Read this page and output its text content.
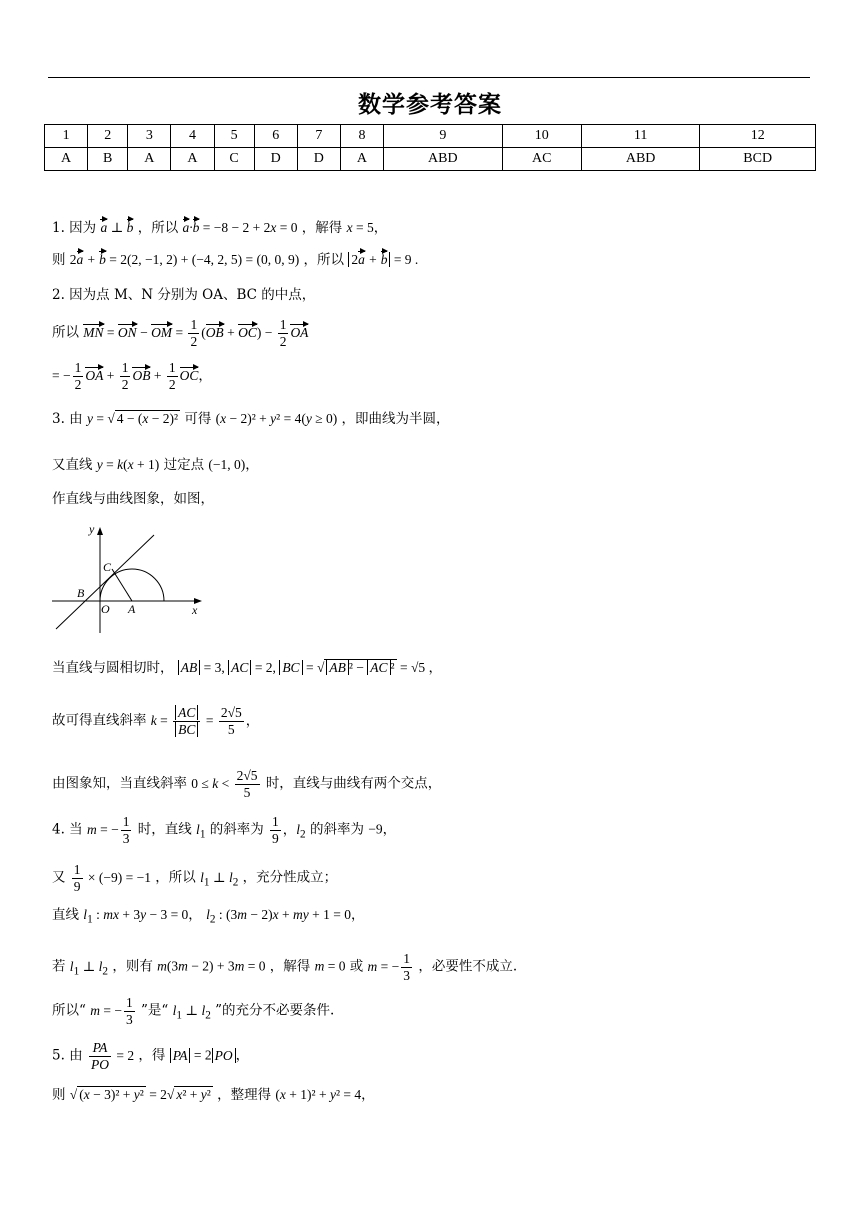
数学参考答案
1	2	3	4	5	6	7	8	9	10	11	12
A	B	A	A	C	D	D	A	ABD	AC	ABD	BCD
1. 因为 a ⊥ b ，所以 a·b = −8 − 2 + 2x = 0 ，解得 x = 5，
则 2a + b = 2(2, −1, 2) + (−4, 2, 5) = (0, 0, 9) ，所以 2a + b = 9 .
2. 因为点 M、N 分别为 OA、BC 的中点，
所以 MN = ON − OM = $\frac{1}{2} (OB + OC) - \frac{1}{2}$ OA
= − $\frac{1}{2}$ OA + $\frac{1}{2}$ OB + $\frac{1}{2}$ OC，
3. 由 y = √ 4 − (x − 2)² 可得 (x − 2)² + y² = 4(y ≥ 0) ，即曲线为半圆，
又直线 y = k(x + 1) 过定点 (−1, 0)，
作直线与曲线图象，如图，
y
x
B
O A
C
当直线与圆相切时， AB = 3, AC = 2, BC = √ AB ² − AC ² = √5 ，
故可得直线斜率 $k = \frac{AC}{BC} = \frac{2√5}{5}$ ，
由图象知，当直线斜率 $0 \le k < \frac{2√5}{5}$ 时，直线与曲线有两个交点，
4. 当 m = − $\frac{1}{3}$ 时，直线 $l_1$ 的斜率为 $\frac{1}{9}$ ，$l_2$ 的斜率为 −9，
又 $\frac{1}{9} \times (-9) = -1$ ，所以 $l_1$ ⊥ $l_2$ ，充分性成立；
直线 $l_1$ : mx + 3y − 3 = 0， $l_2$ : (3m − 2)x + my + 1 = 0，
若 $l_1$ ⊥ $l_2$ ，则有 m(3m − 2) + 3m = 0 ，解得 m = 0 或 m = − $\frac{1}{3}$ ，必要性不成立.
所以“ m = − $\frac{1}{3}$ ”是“ $l_1$ ⊥ $l_2$ ”的充分不必要条件.
5. 由 $\frac{PA}{PO} = 2$ ，得 PA = 2 PO ，
则 √ (x − 3)² + y² = 2√ x² + y² ，整理得 (x + 1)² + y² = 4，
